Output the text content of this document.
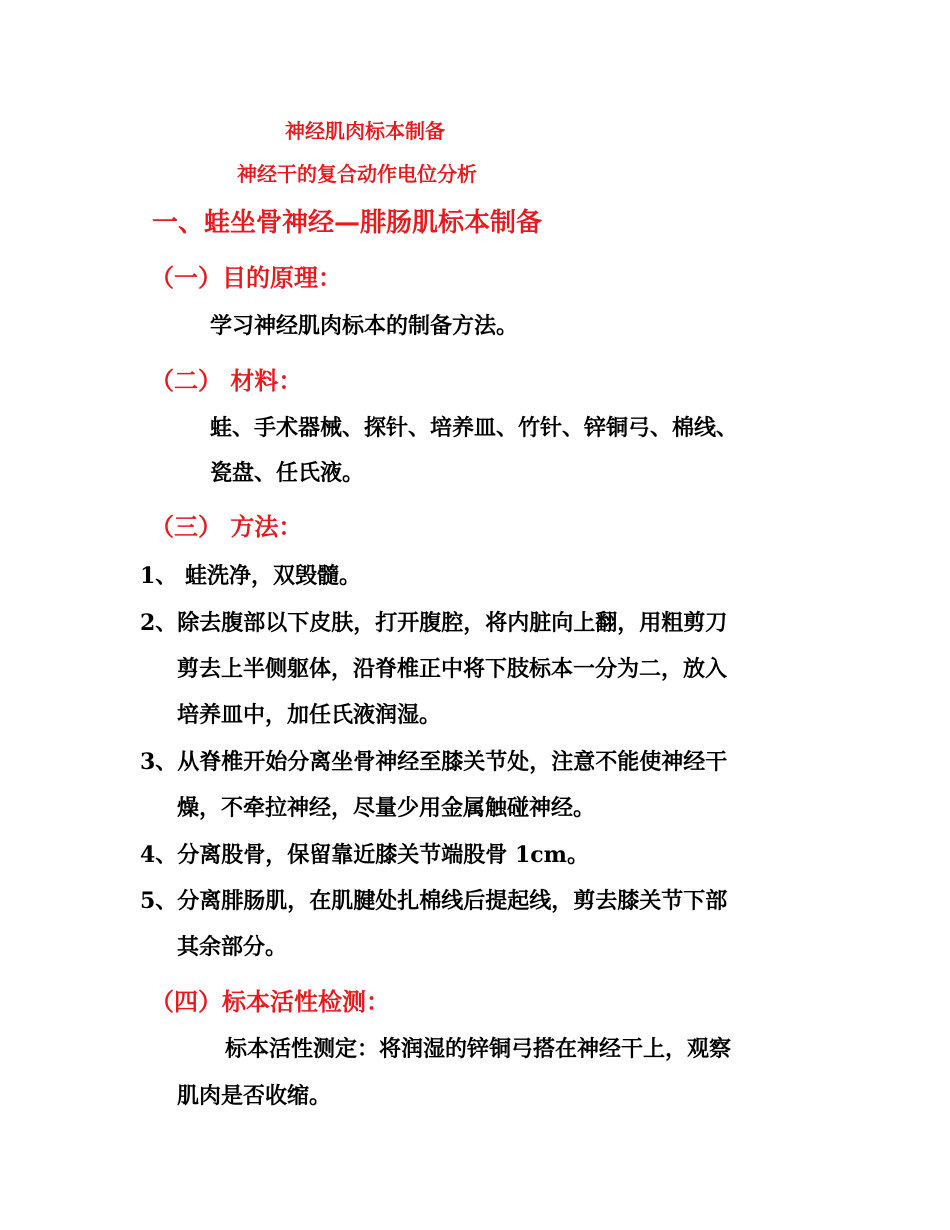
神经肌肉标本制备
神经干的复合动作电位分析
一、蛙坐骨神经—腓肠肌标本制备
（一）目的原理：
学习神经肌肉标本的制备方法。
（二） 材料：
蛙、手术器械、探针、培养皿、竹针、锌铜弓、棉线、
瓷盘、任氏液。
（三） 方法：
1、 蛙洗净，双毁髓。
2、除去腹部以下皮肤，打开腹腔，将内脏向上翻，用粗剪刀
剪去上半侧躯体，沿脊椎正中将下肢标本一分为二，放入
培养皿中，加任氏液润湿。
3、从脊椎开始分离坐骨神经至膝关节处，注意不能使神经干
燥，不牵拉神经，尽量少用金属触碰神经。
4、分离股骨，保留靠近膝关节端股骨 1cm。
5、分离腓肠肌，在肌腱处扎棉线后提起线，剪去膝关节下部
其余部分。
（四）标本活性检测：
标本活性测定：将润湿的锌铜弓搭在神经干上，观察
肌肉是否收缩。
